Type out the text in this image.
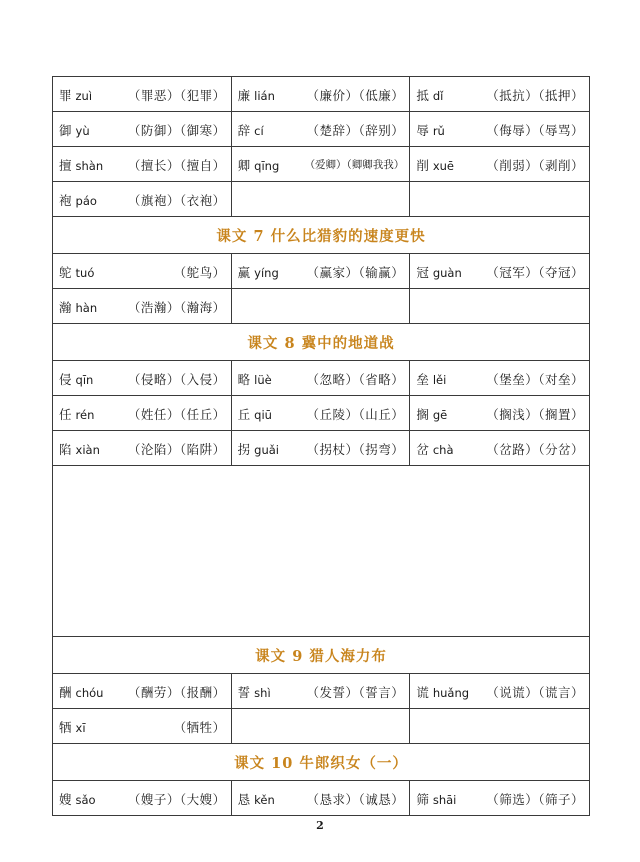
罪 zuì	（罪恶）（犯罪） 廉 lián	（廉价）（低廉） 抵 dǐ	（抵抗）（抵押）
御 yù	（防御）（御寒） 辞 cí	（楚辞）（辞别） 辱 rǔ	（侮辱）（辱骂）
擅 shàn （擅长）（擅自） 卿 qīng （爱卿）（卿卿我我） 削 xuē	（削弱）（剥削）
袍 páo （旗袍）（衣袍）
课文 7 什么比猎豹的速度更快
鸵 tuó	（鸵鸟） 赢 yíng （赢家）（输赢） 冠 guàn （冠军）（夺冠）
瀚 hàn （浩瀚）（瀚海）
课文 8 冀中的地道战
侵 qīn	（侵略）（入侵） 略 lüè	（忽略）（省略） 垒 lěi	（堡垒）（对垒）
任 rén	（姓任）（任丘） 丘 qiū	（丘陵）（山丘） 搁 gē	（搁浅）（搁置）
陷 xiàn （沦陷）（陷阱） 拐 guǎi （拐杖）（拐弯） 岔 chà	（岔路）（分岔）
课文 9 猎人海力布
酬 chóu （酬劳）（报酬） 誓 shì	（发誓）（誓言） 谎 huǎng （说谎）（谎言）
牺 xī	（牺牲）
课文 10 牛郎织女（一）
嫂 sǎo	（嫂子）（大嫂） 恳 kěn	（恳求）（诚恳） 筛 shāi （筛选）（筛子）
2
